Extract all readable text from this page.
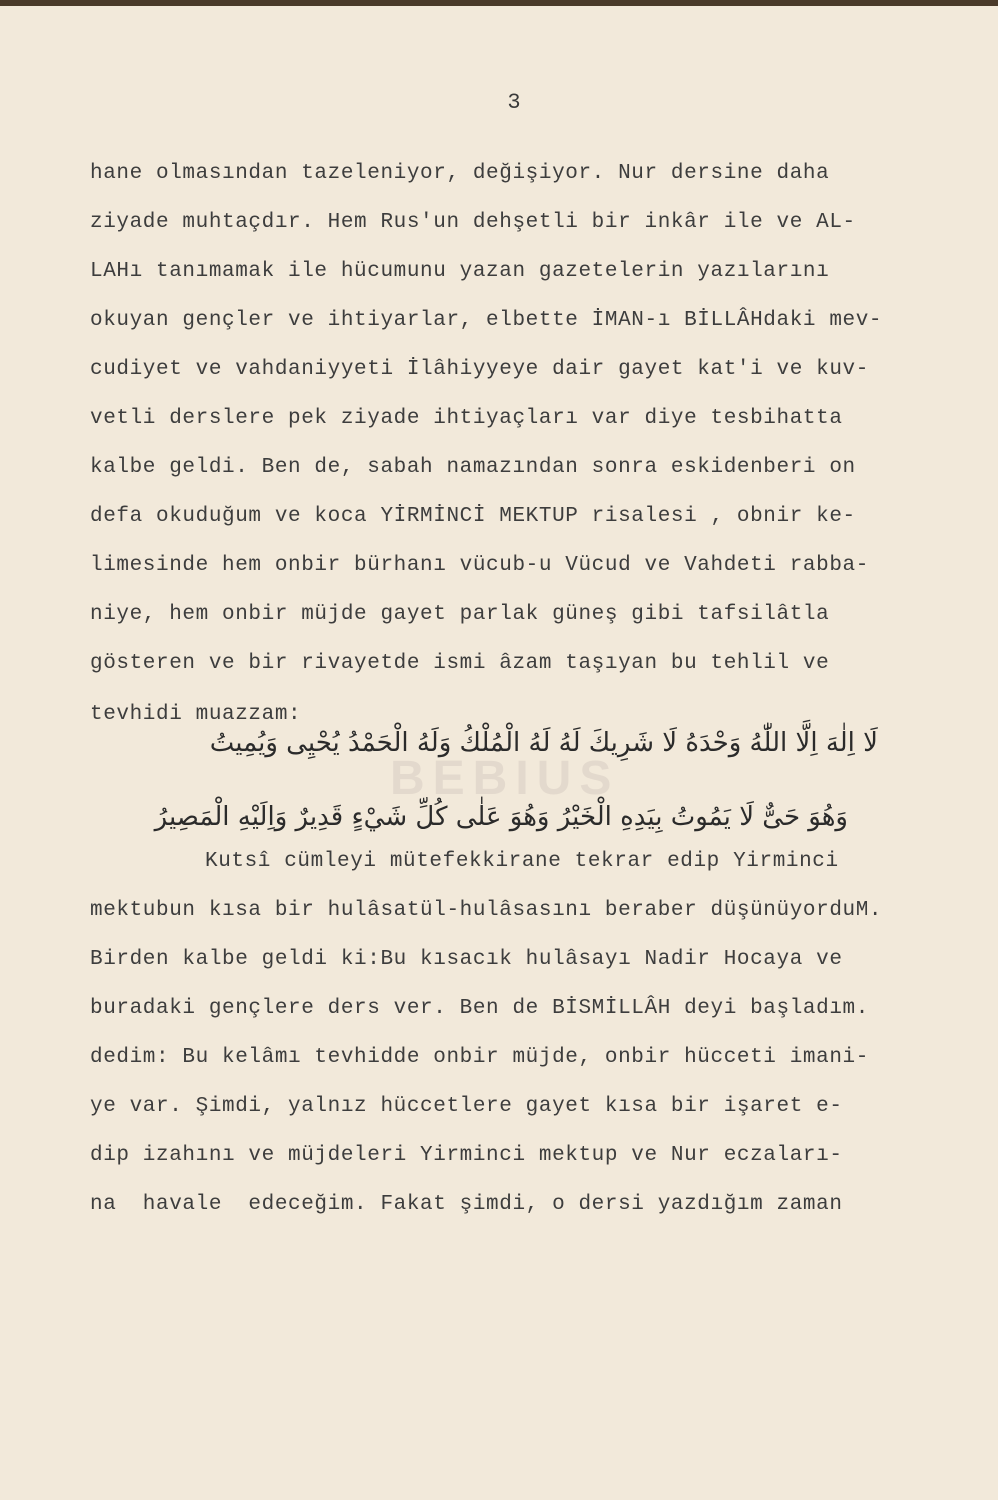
3
BEBIUS
hane olmasından tazeleniyor, değişiyor. Nur dersine daha
ziyade muhtaçdır. Hem Rus'un dehşetli bir inkâr ile ve AL-
LAHı tanımamak ile hücumunu yazan gazetelerin yazılarını
okuyan gençler ve ihtiyarlar, elbette İMAN-ı BİLLÂHdaki mev-
cudiyet ve vahdaniyyeti İlâhiyyeye dair gayet kat'i ve kuv-
vetli derslere pek ziyade ihtiyaçları var diye tesbihatta
kalbe geldi. Ben de, sabah namazından sonra eskidenberi on
defa okuduğum ve koca YİRMİNCİ MEKTUP risalesi , obnir ke-
limesinde hem onbir bürhanı vücub-u Vücud ve Vahdeti rabba-
niye, hem onbir müjde gayet parlak güneş gibi tafsilâtla
gösteren ve bir rivayetde ismi âzam taşıyan bu tehlil ve
tevhidi muazzam:
لَا اِلٰهَ اِلَّا اللّٰهُ وَحْدَهُ لَا شَرِيكَ لَهُ لَهُ الْمُلْكُ وَلَهُ الْحَمْدُ يُحْيِى وَيُمِيتُ
وَهُوَ حَىٌّ لَا يَمُوتُ بِيَدِهِ الْخَيْرُ وَهُوَ عَلٰى كُلِّ شَيْءٍ قَدِيرٌ وَاِلَيْهِ الْمَصِيرُ
Kutsî cümleyi mütefekkirane tekrar edip Yirminci
mektubun kısa bir hulâsatül-hulâsasını beraber düşünüyorduM.
Birden kalbe geldi ki:Bu kısacık hulâsayı Nadir Hocaya ve
buradaki gençlere ders ver. Ben de BİSMİLLÂH deyi başladım.
dedim: Bu kelâmı tevhidde onbir müjde, onbir hücceti imani-
ye var. Şimdi, yalnız hüccetlere gayet kısa bir işaret e-
dip izahını ve müjdeleri Yirminci mektup ve Nur eczaları-
na  havale  edeceğim. Fakat şimdi, o dersi yazdığım zaman
